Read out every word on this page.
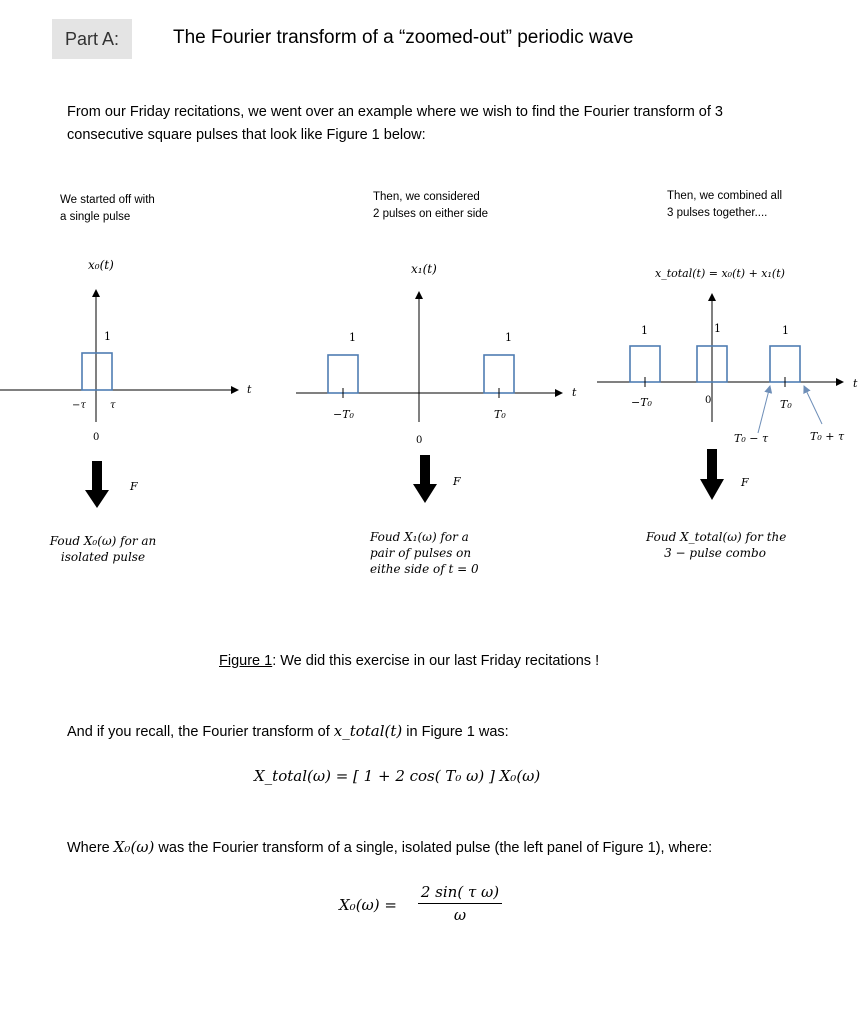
Part A:	The Fourier transform of a “zoomed-out” periodic wave
From our Friday recitations, we went over an example where we wish to find the Fourier transform of 3
consecutive square pulses that look like Figure 1 below:
We started off with
a single pulse
Then, we considered
2 pulses on either side
Then, we combined all
3 pulses together....
x₀(t)
1
−τ τ
0
t
F
x₁(t)
1	1
−T₀	T₀
0
t
F
x_total(t) = x₀(t) + x₁(t)
1	1	1
−T₀	0	T₀
T₀ − τ	T₀ + τ
t
F
Foud X₀(ω) for an
isolated pulse
Foud X₁(ω) for a
pair of pulses on
eithe side of t = 0
Foud X_total(ω) for the
3 − pulse combo
Figure 1: We did this exercise in our last Friday recitations !
And if you recall, the Fourier transform of x_total(t) in Figure 1 was:
X_total(ω) = [ 1 + 2 cos( T₀ ω) ] X₀(ω)
Where X₀(ω) was the Fourier transform of a single, isolated pulse (the left panel of Figure 1), where:
$X_0(\omega) = \frac{\text{2 sin( τ ω)}}{\omega}$
